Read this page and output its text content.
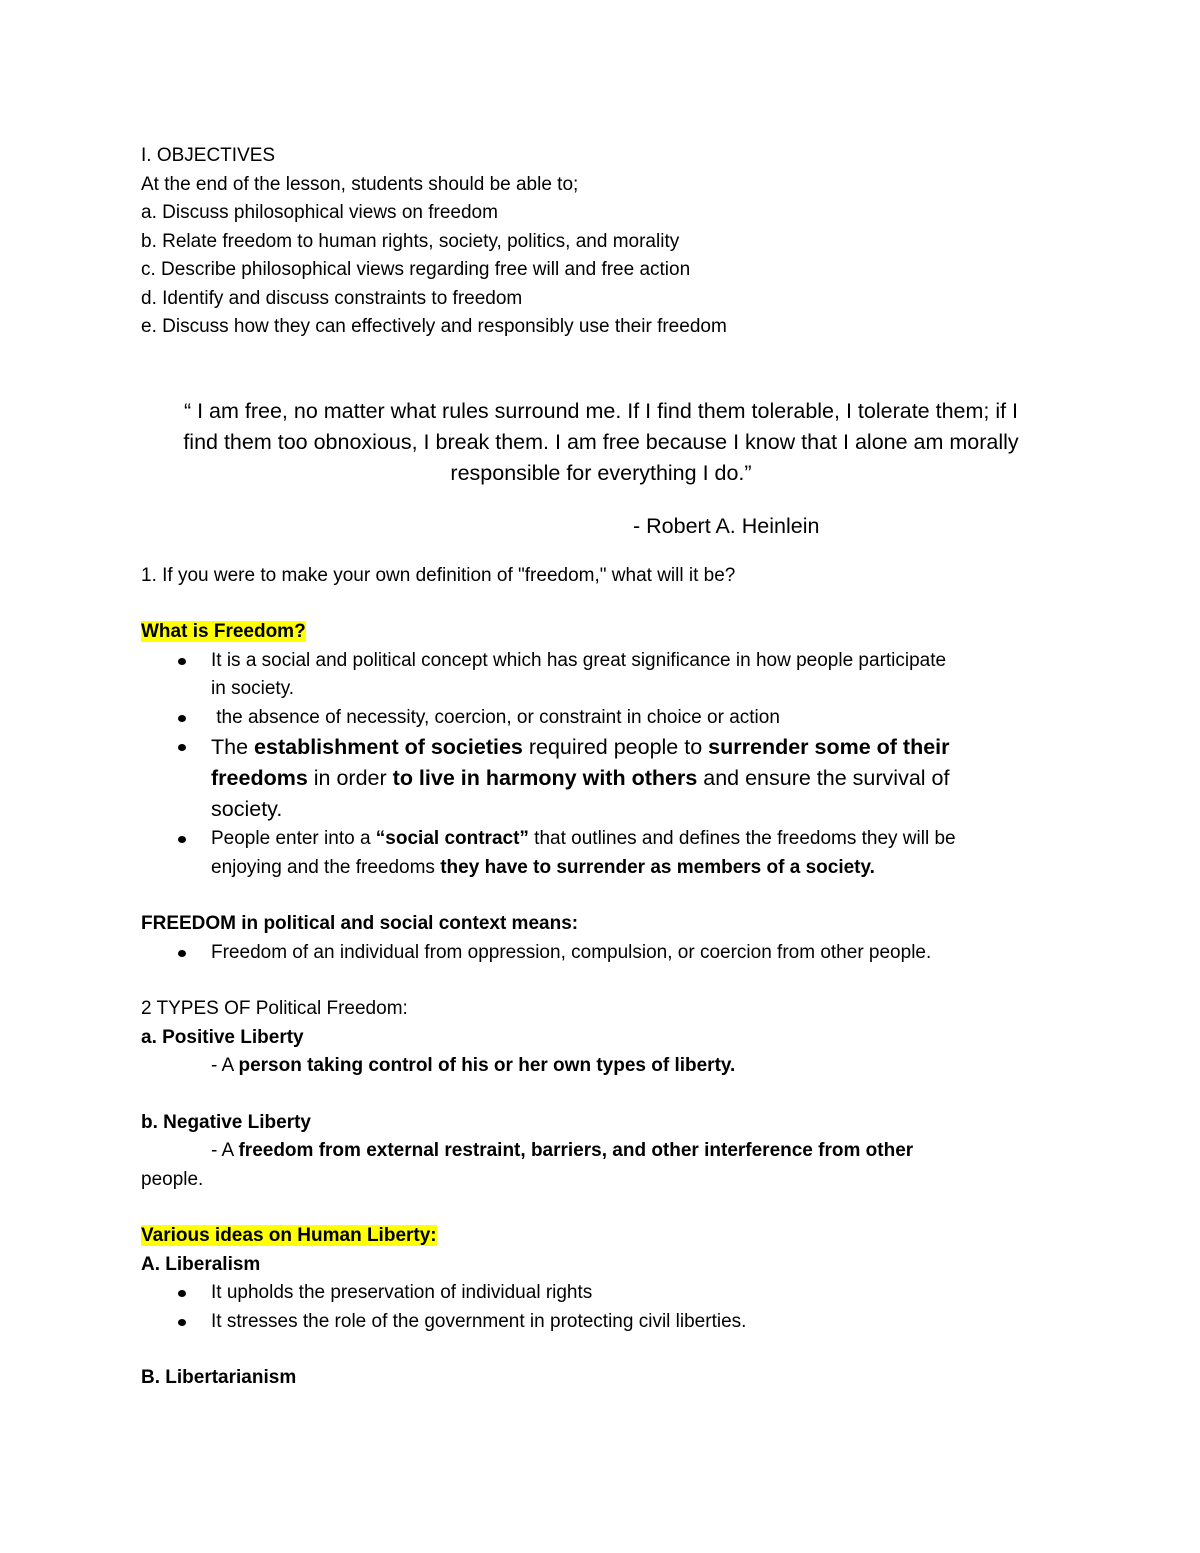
I. OBJECTIVES

At the end of the lesson, students should be able to;

a. Discuss philosophical views on freedom

b. Relate freedom to human rights, society, politics, and morality

c. Describe philosophical views regarding free will and free action

d. Identify and discuss constraints to freedom

e. Discuss how they can effectively and responsibly use their freedom

“ I am free, no matter what rules surround me. If I find them tolerable, I tolerate them; if I

find them too obnoxious, I break them. I am free because I know that I alone am morally

responsible for everything I do.”

- Robert A. Heinlein

1. If you were to make your own definition of "freedom," what will it be?

What is Freedom?

It is a social and political concept which has great significance in how people participate
in society.
the absence of necessity, coercion, or constraint in choice or action
The establishment of societies required people to surrender some of their
freedoms in order to live in harmony with others and ensure the survival of
society.
People enter into a “social contract” that outlines and defines the freedoms they will be
enjoying and the freedoms they have to surrender as members of a society.

FREEDOM in political and social context means:

Freedom of an individual from oppression, compulsion, or coercion from other people.

2 TYPES OF Political Freedom:

a. Positive Liberty

- A person taking control of his or her own types of liberty.

b. Negative Liberty

- A freedom from external restraint, barriers, and other interference from other

people.

Various ideas on Human Liberty:

A. Liberalism

It upholds the preservation of individual rights
It stresses the role of the government in protecting civil liberties.

B. Libertarianism
